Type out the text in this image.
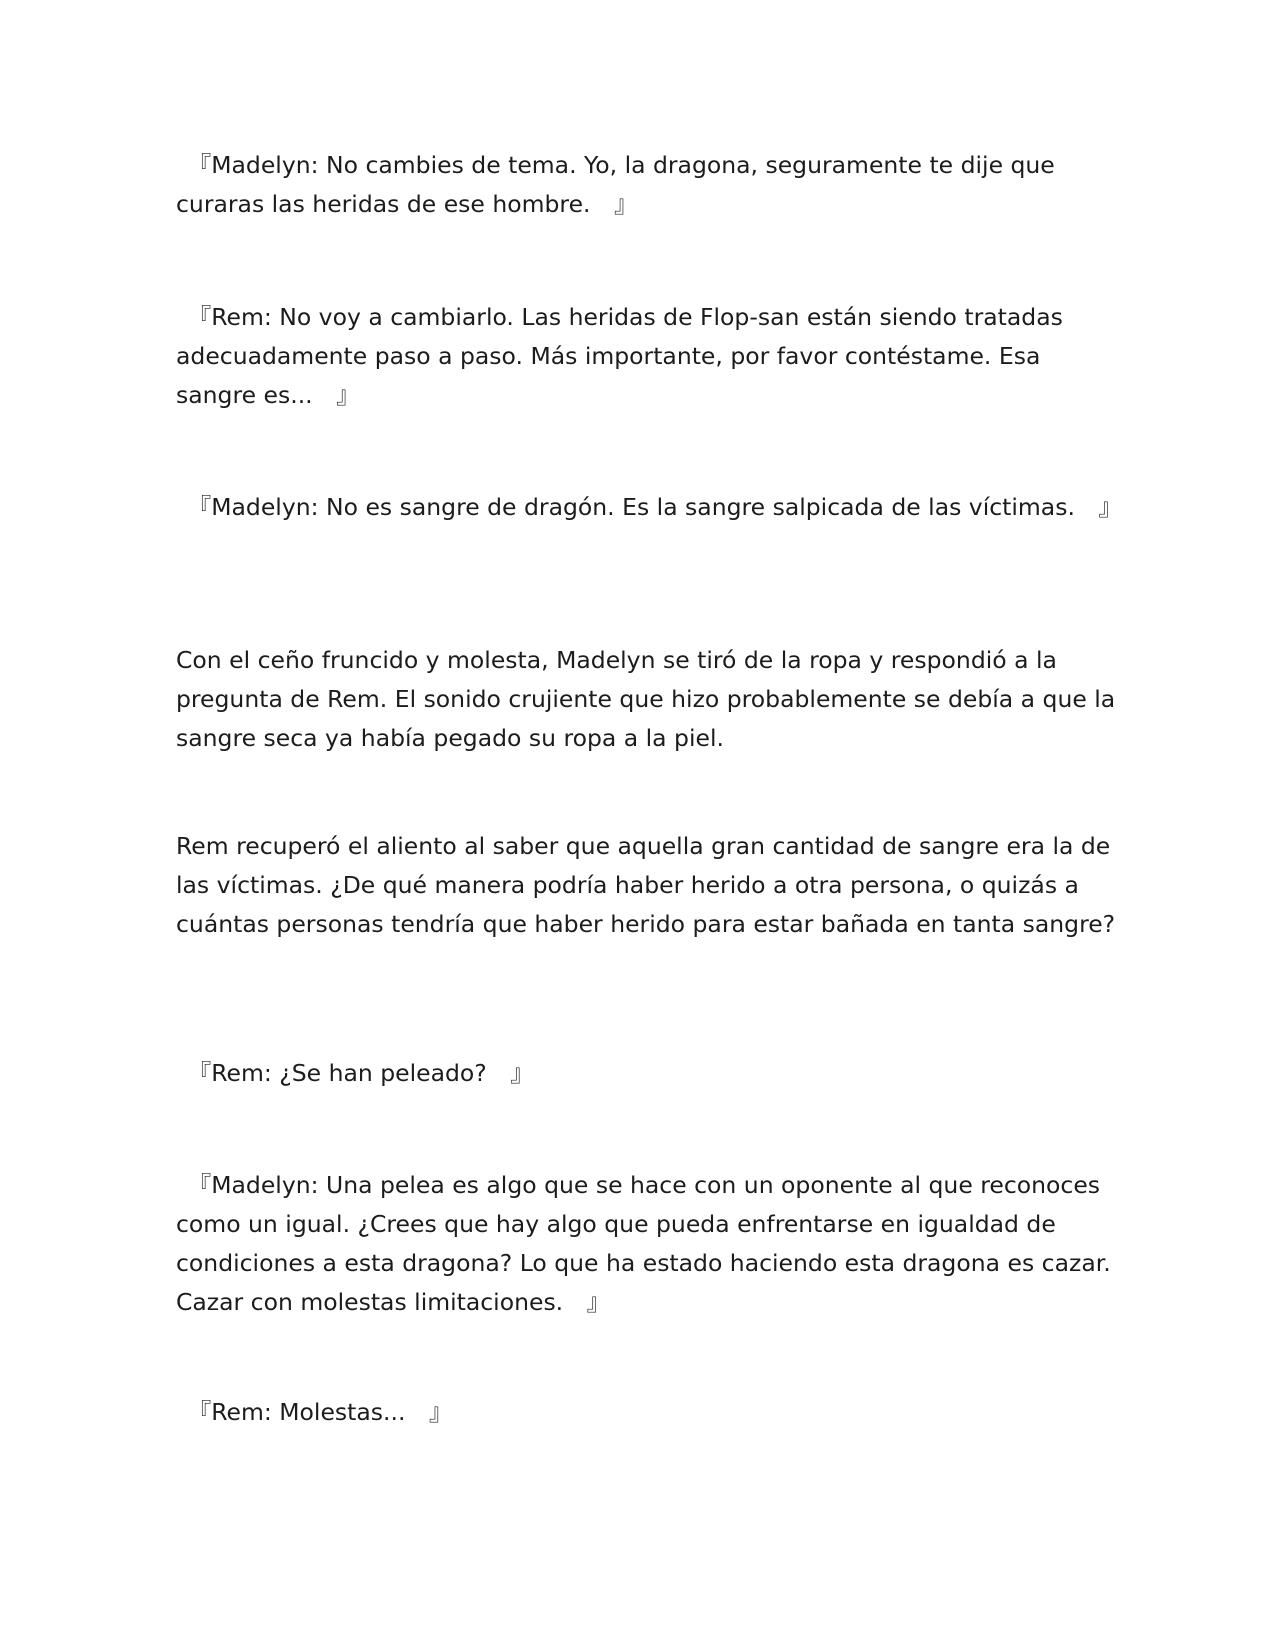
　『Madelyn: No cambies de tema. Yo, la dragona, seguramente te dije que curaras las heridas de ese hombre.　』

　『Rem: No voy a cambiarlo. Las heridas de Flop-san están siendo tratadas adecuadamente paso a paso. Más importante, por favor contéstame. Esa sangre es...　』

　『Madelyn: No es sangre de dragón. Es la sangre salpicada de las víctimas.　』

Con el ceño fruncido y molesta, Madelyn se tiró de la ropa y respondió a la pregunta de Rem. El sonido crujiente que hizo probablemente se debía a que la sangre seca ya había pegado su ropa a la piel.

Rem recuperó el aliento al saber que aquella gran cantidad de sangre era la de las víctimas. ¿De qué manera podría haber herido a otra persona, o quizás a cuántas personas tendría que haber herido para estar bañada en tanta sangre?

　『Rem: ¿Se han peleado?　』

　『Madelyn: Una pelea es algo que se hace con un oponente al que reconoces como un igual. ¿Crees que hay algo que pueda enfrentarse en igualdad de condiciones a esta dragona? Lo que ha estado haciendo esta dragona es cazar. Cazar con molestas limitaciones.　』

　『Rem: Molestas...　』
